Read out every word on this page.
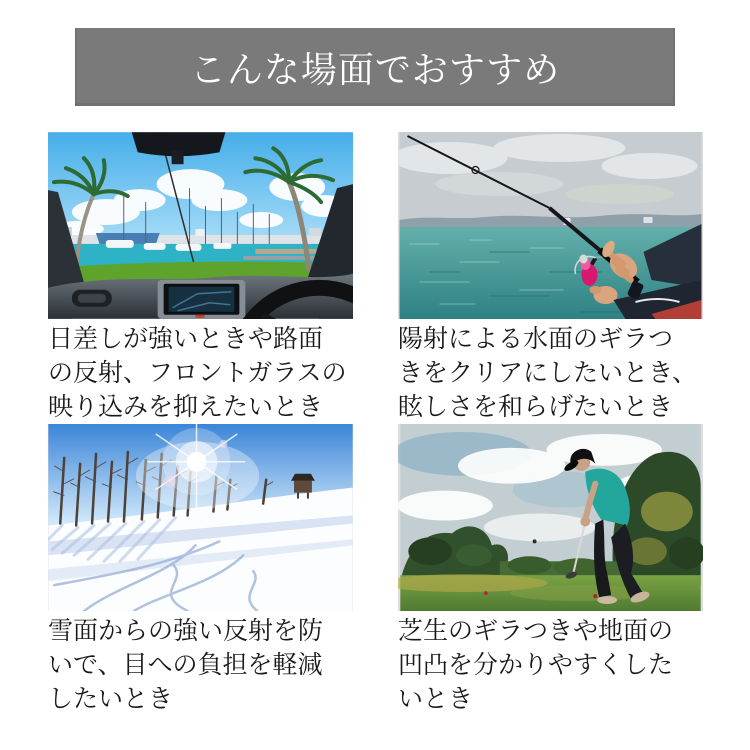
こんな場面でおすすめ
日差しが強いときや路面
の反射、フロントガラスの
映り込みを抑えたいとき
陽射による水面のギラつ
きをクリアにしたいとき、
眩しさを和らげたいとき
雪面からの強い反射を防
いで、目への負担を軽減
したいとき
芝生のギラつきや地面の
凹凸を分かりやすくした
いとき
